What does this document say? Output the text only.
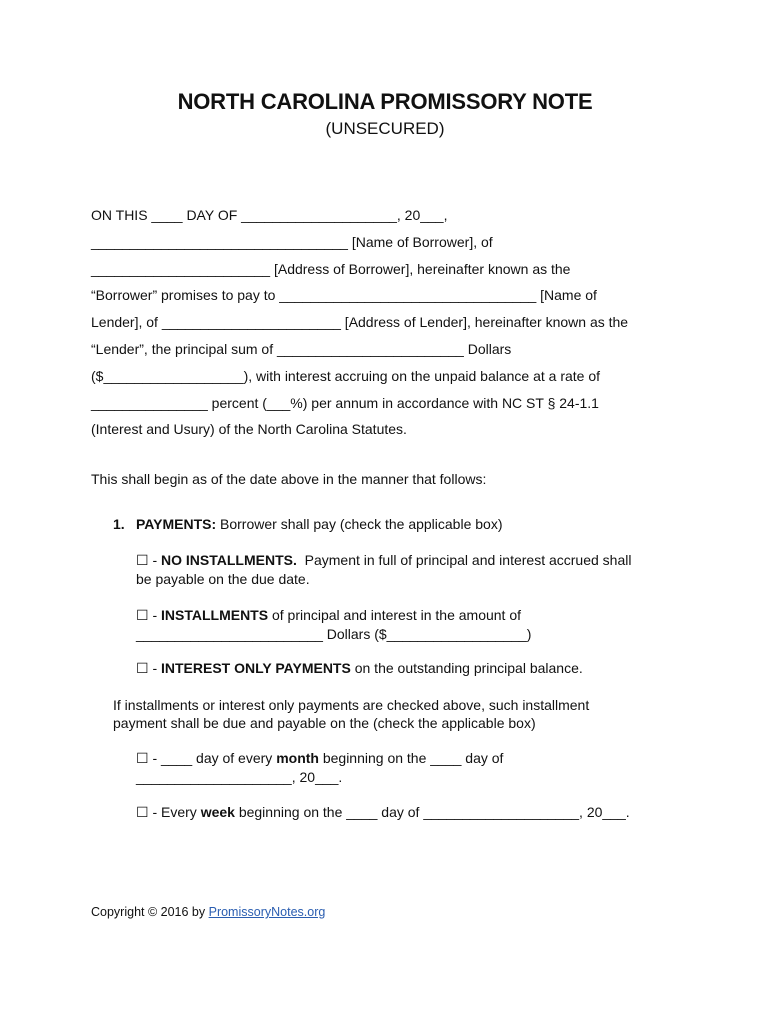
NORTH CAROLINA PROMISSORY NOTE
(UNSECURED)
ON THIS ____ DAY OF ____________________, 20___,
_________________________________ [Name of Borrower], of
_______________________ [Address of Borrower], hereinafter known as the
“Borrower” promises to pay to _________________________________ [Name of
Lender], of _______________________ [Address of Lender], hereinafter known as the
“Lender”, the principal sum of ________________________ Dollars
($__________________), with interest accruing on the unpaid balance at a rate of
_______________ percent (___%) per annum in accordance with NC ST § 24-1.1
(Interest and Usury) of the North Carolina Statutes.
This shall begin as of the date above in the manner that follows:
1. PAYMENTS: Borrower shall pay (check the applicable box)
☐ - NO INSTALLMENTS.  Payment in full of principal and interest accrued shall
be payable on the due date.
☐ - INSTALLMENTS of principal and interest in the amount of
________________________ Dollars ($__________________)
☐ - INTEREST ONLY PAYMENTS on the outstanding principal balance.
If installments or interest only payments are checked above, such installment
payment shall be due and payable on the (check the applicable box)
☐ - ____ day of every month beginning on the ____ day of
____________________, 20___.
☐ - Every week beginning on the ____ day of ____________________, 20___.
Copyright © 2016 by PromissoryNotes.org
